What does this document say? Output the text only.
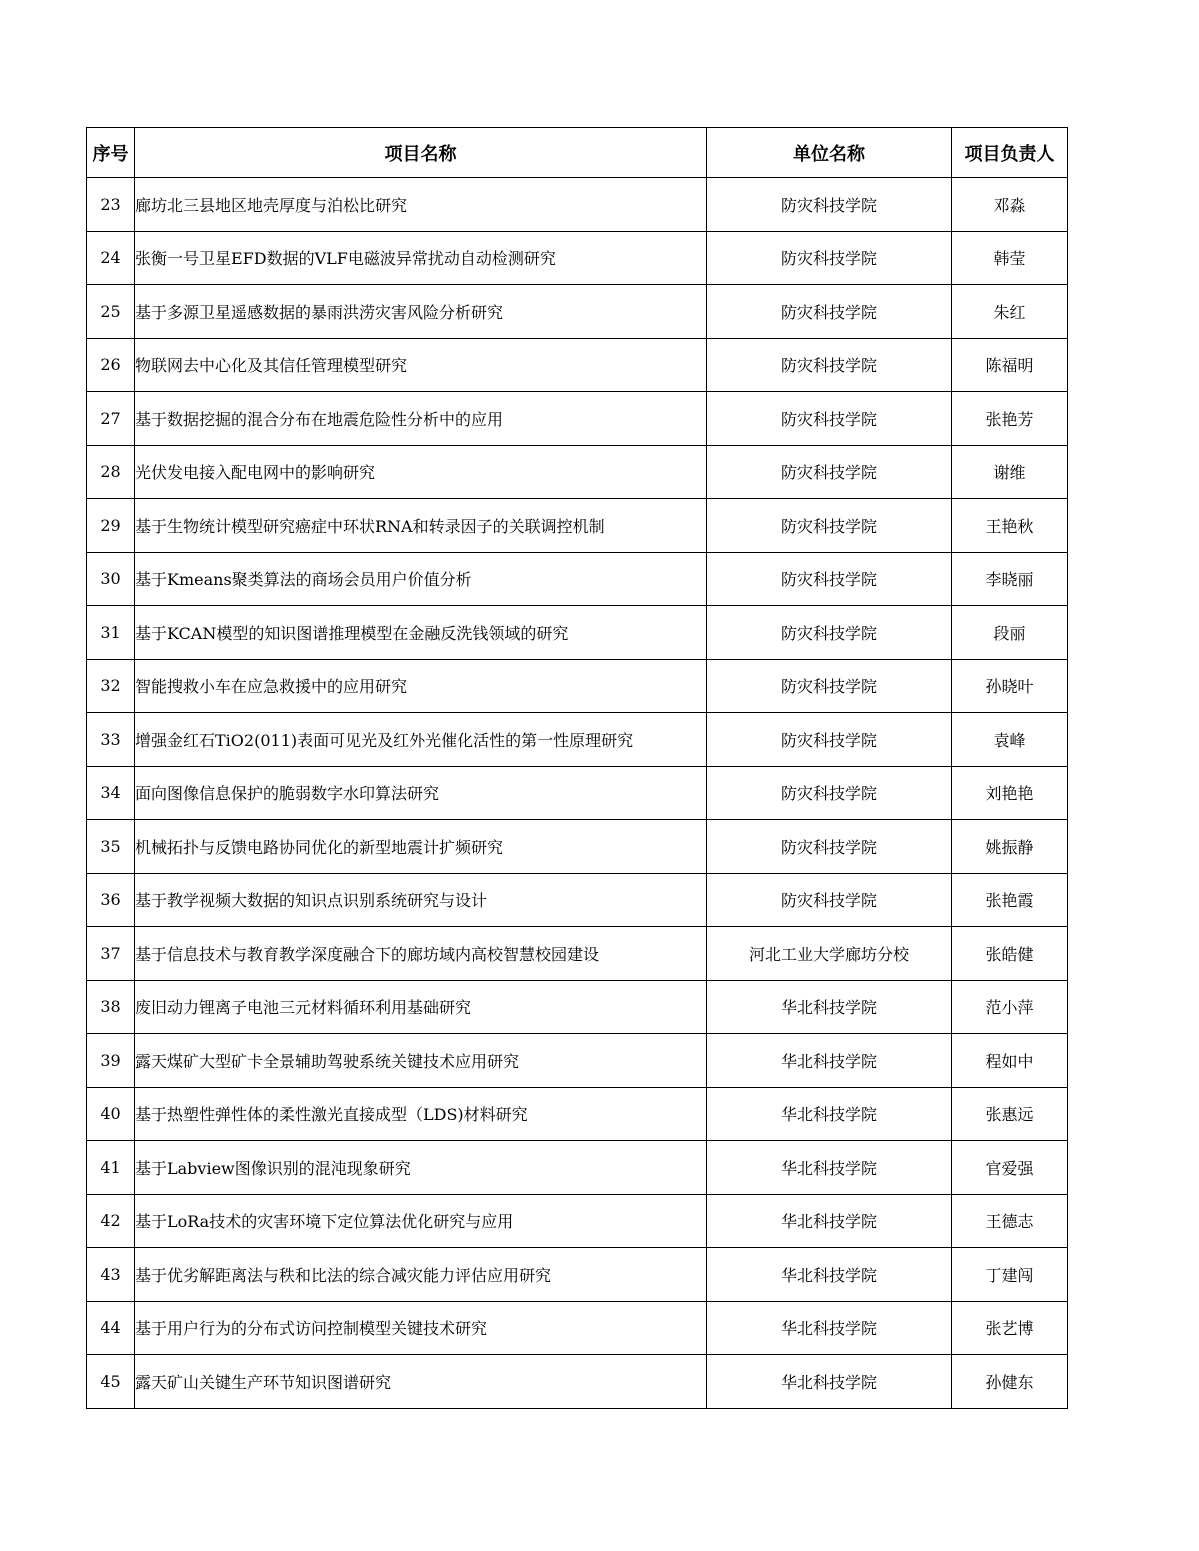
序号	项目名称	单位名称	项目负责人
23	廊坊北三县地区地壳厚度与泊松比研究	防灾科技学院	邓淼
24	张衡一号卫星EFD数据的VLF电磁波异常扰动自动检测研究	防灾科技学院	韩莹
25	基于多源卫星遥感数据的暴雨洪涝灾害风险分析研究	防灾科技学院	朱红
26	物联网去中心化及其信任管理模型研究	防灾科技学院	陈福明
27	基于数据挖掘的混合分布在地震危险性分析中的应用	防灾科技学院	张艳芳
28	光伏发电接入配电网中的影响研究	防灾科技学院	谢维
29	基于生物统计模型研究癌症中环状RNA和转录因子的关联调控机制	防灾科技学院	王艳秋
30	基于Kmeans聚类算法的商场会员用户价值分析	防灾科技学院	李晓丽
31	基于KCAN模型的知识图谱推理模型在金融反洗钱领域的研究	防灾科技学院	段丽
32	智能搜救小车在应急救援中的应用研究	防灾科技学院	孙晓叶
33	增强金红石TiO2(011)表面可见光及红外光催化活性的第一性原理研究	防灾科技学院	袁峰
34	面向图像信息保护的脆弱数字水印算法研究	防灾科技学院	刘艳艳
35	机械拓扑与反馈电路协同优化的新型地震计扩频研究	防灾科技学院	姚振静
36	基于教学视频大数据的知识点识别系统研究与设计	防灾科技学院	张艳霞
37	基于信息技术与教育教学深度融合下的廊坊域内高校智慧校园建设	河北工业大学廊坊分校	张皓健
38	废旧动力锂离子电池三元材料循环利用基础研究	华北科技学院	范小萍
39	露天煤矿大型矿卡全景辅助驾驶系统关键技术应用研究	华北科技学院	程如中
40	基于热塑性弹性体的柔性激光直接成型（LDS)材料研究	华北科技学院	张惠远
41	基于Labview图像识别的混沌现象研究	华北科技学院	官爱强
42	基于LoRa技术的灾害环境下定位算法优化研究与应用	华北科技学院	王德志
43	基于优劣解距离法与秩和比法的综合减灾能力评估应用研究	华北科技学院	丁建闯
44	基于用户行为的分布式访问控制模型关键技术研究	华北科技学院	张艺博
45	露天矿山关键生产环节知识图谱研究	华北科技学院	孙健东
